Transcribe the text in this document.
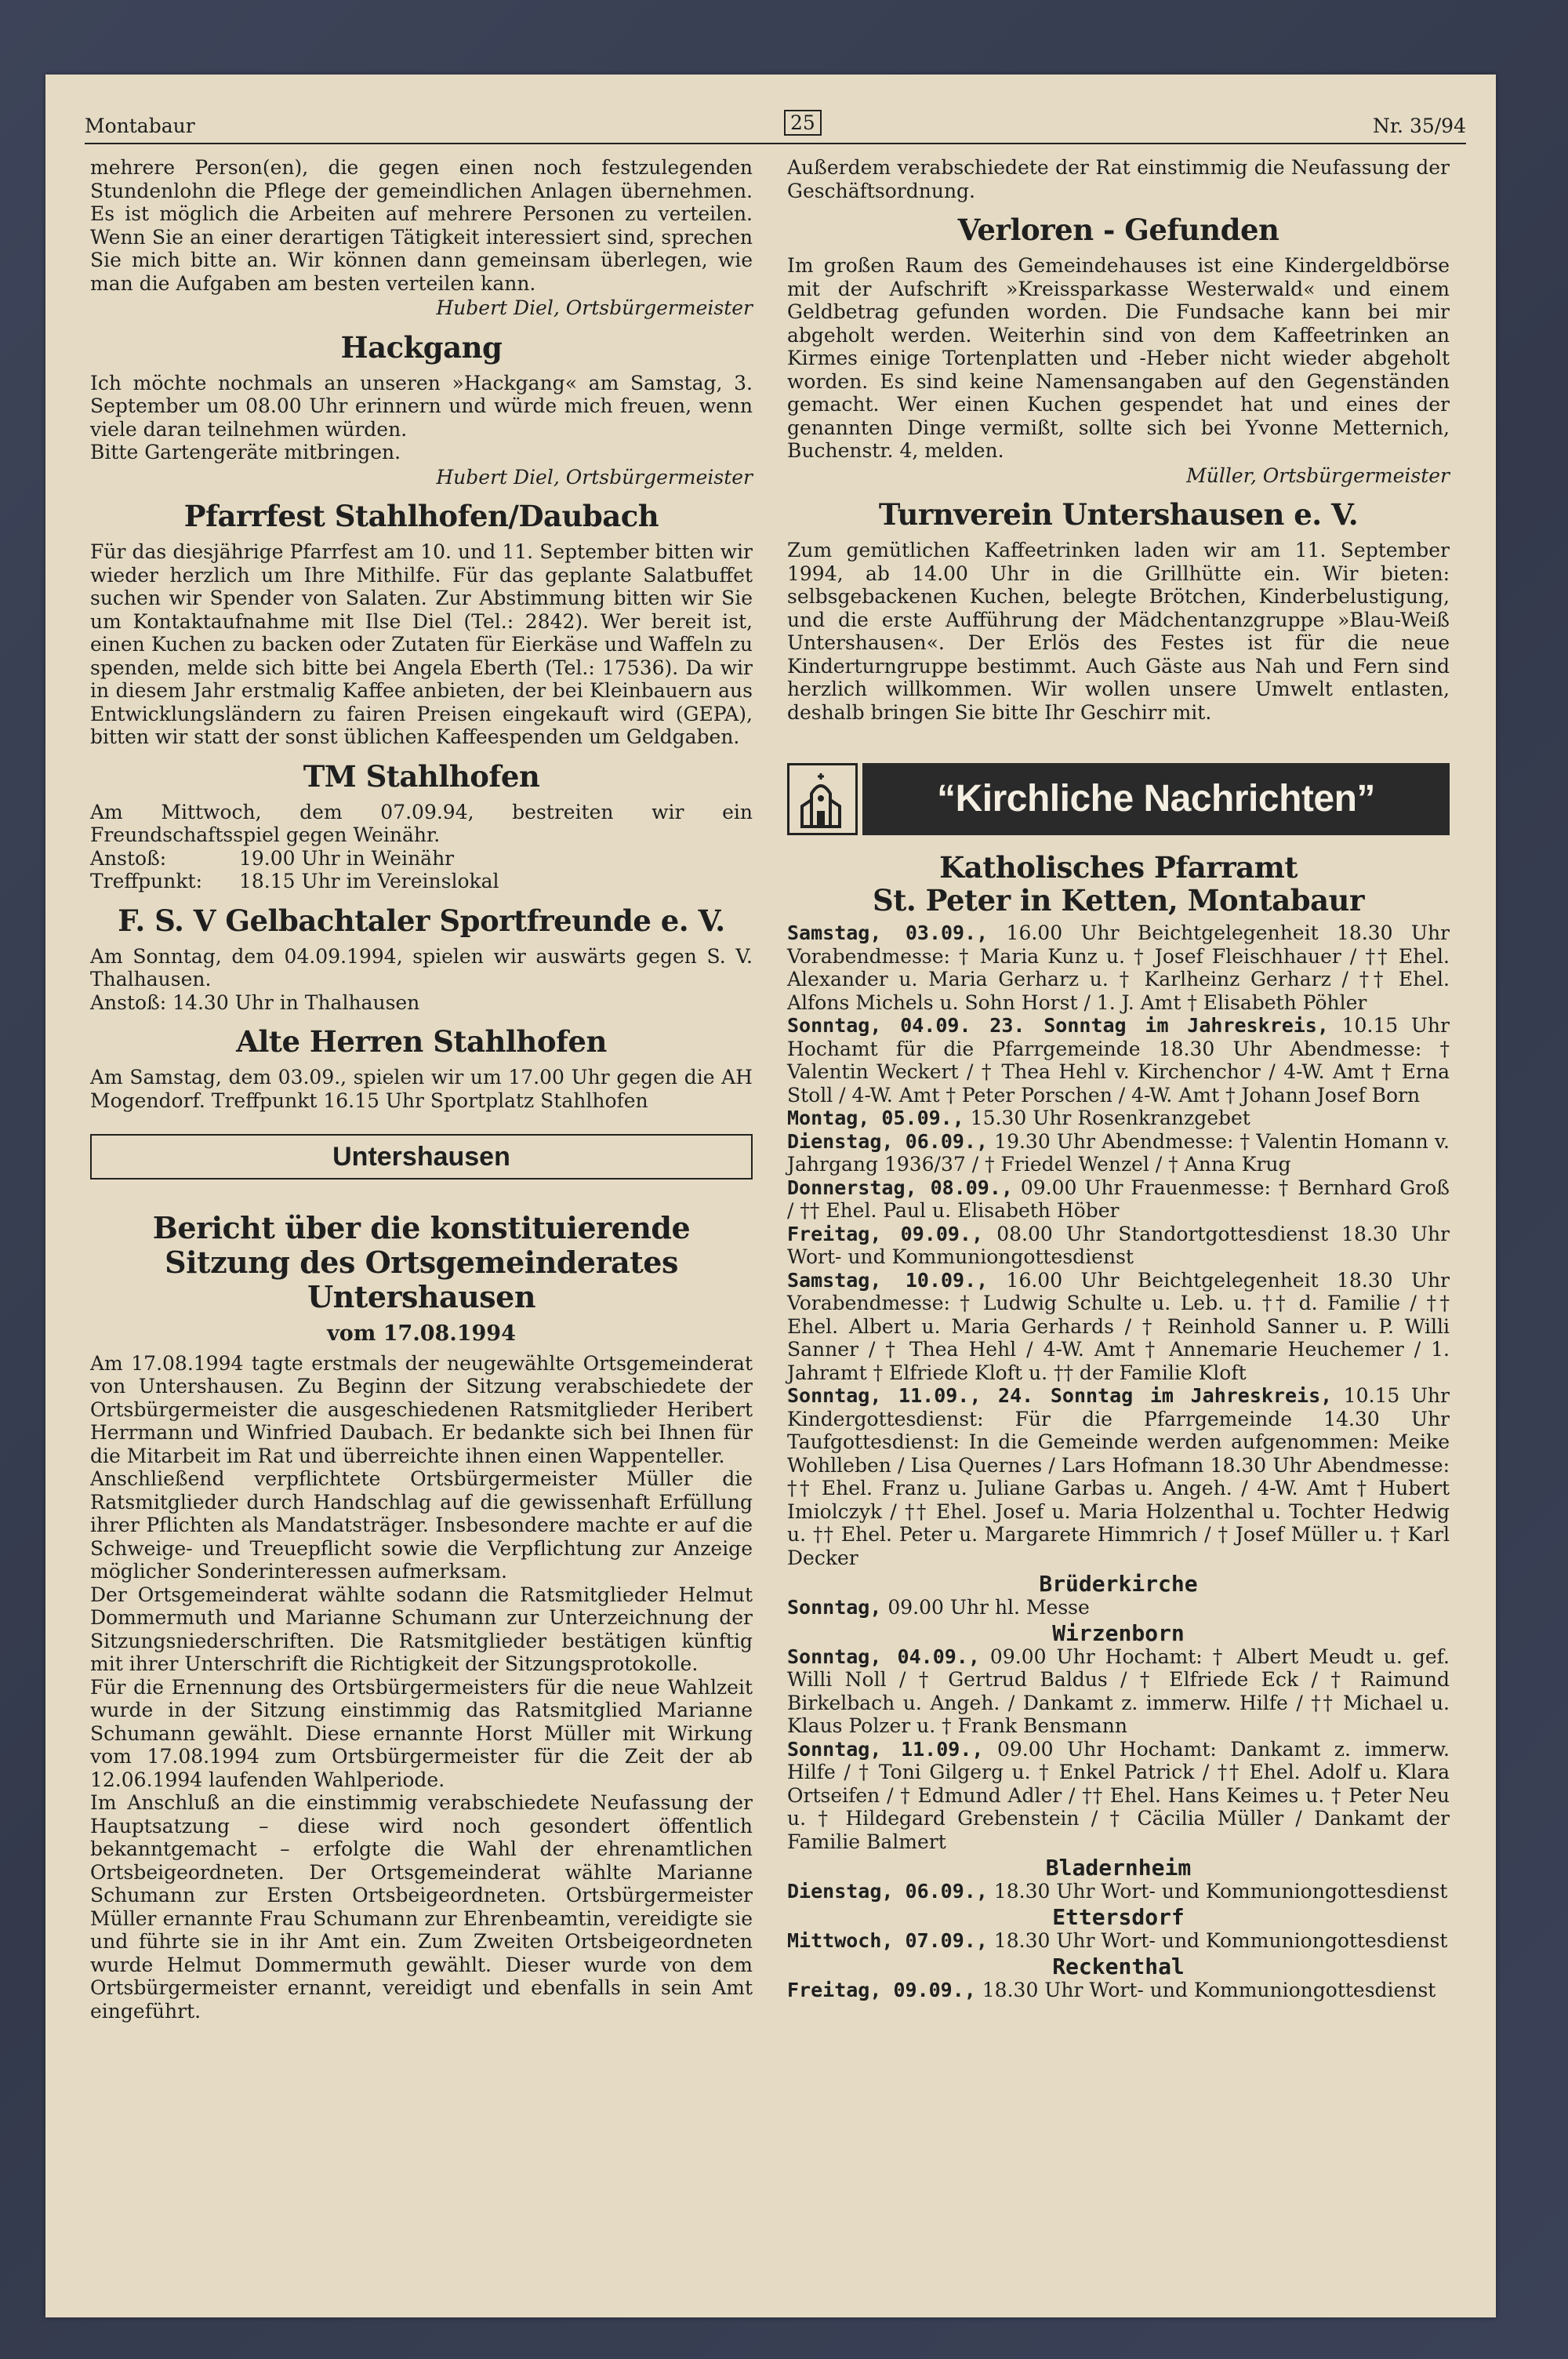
Montabaur	25	Nr. 35/94

mehrere Person(en), die gegen einen noch festzulegenden Stundenlohn die Pflege der gemeindlichen Anlagen übernehmen. Es ist möglich die Arbeiten auf mehrere Personen zu verteilen. Wenn Sie an einer derartigen Tätigkeit interessiert sind, sprechen Sie mich bitte an. Wir können dann gemeinsam überlegen, wie man die Aufgaben am besten verteilen kann.

Hubert Diel, Ortsbürgermeister

Hackgang

Ich möchte nochmals an unseren »Hackgang« am Samstag, 3. September um 08.00 Uhr erinnern und würde mich freuen, wenn viele daran teilnehmen würden.

Bitte Gartengeräte mitbringen.

Hubert Diel, Ortsbürgermeister

Pfarrfest Stahlhofen/Daubach

Für das diesjährige Pfarrfest am 10. und 11. September bitten wir wieder herzlich um Ihre Mithilfe. Für das geplante Salatbuffet suchen wir Spender von Salaten. Zur Abstimmung bitten wir Sie um Kontaktaufnahme mit Ilse Diel (Tel.: 2842). Wer bereit ist, einen Kuchen zu backen oder Zutaten für Eierkäse und Waffeln zu spenden, melde sich bitte bei Angela Eberth (Tel.: 17536). Da wir in diesem Jahr erstmalig Kaffee anbieten, der bei Kleinbauern aus Entwicklungsländern zu fairen Preisen eingekauft wird (GEPA), bitten wir statt der sonst üblichen Kaffeespenden um Geldgaben.

TM Stahlhofen

Am Mittwoch, dem 07.09.94, bestreiten wir ein Freundschaftsspiel gegen Weinähr.

Anstoß:	19.00 Uhr in Weinähr

Treffpunkt: 18.15 Uhr im Vereinslokal

F. S. V Gelbachtaler Sportfreunde e. V.

Am Sonntag, dem 04.09.1994, spielen wir auswärts gegen S. V. Thalhausen.

Anstoß: 14.30 Uhr in Thalhausen

Alte Herren Stahlhofen

Am Samstag, dem 03.09., spielen wir um 17.00 Uhr gegen die AH Mogendorf. Treffpunkt 16.15 Uhr Sportplatz Stahlhofen

Untershausen
Bericht über die konstituierende Sitzung des Ortsgemeinderates Untershausen
vom 17.08.1994

Am 17.08.1994 tagte erstmals der neugewählte Ortsgemeinderat von Untershausen. Zu Beginn der Sitzung verabschiedete der Ortsbürgermeister die ausgeschiedenen Ratsmitglieder Heribert Herrmann und Winfried Daubach. Er bedankte sich bei Ihnen für die Mitarbeit im Rat und überreichte ihnen einen Wappenteller.

Anschließend verpflichtete Ortsbürgermeister Müller die Ratsmitglieder durch Handschlag auf die gewissenhaft Erfüllung ihrer Pflichten als Mandatsträger. Insbesondere machte er auf die Schweige- und Treuepflicht sowie die Verpflichtung zur Anzeige möglicher Sonderinteressen aufmerksam.

Der Ortsgemeinderat wählte sodann die Ratsmitglieder Helmut Dommermuth und Marianne Schumann zur Unterzeichnung der Sitzungsniederschriften. Die Ratsmitglieder bestätigen künftig mit ihrer Unterschrift die Richtigkeit der Sitzungsprotokolle.

Für die Ernennung des Ortsbürgermeisters für die neue Wahlzeit wurde in der Sitzung einstimmig das Ratsmitglied Marianne Schumann gewählt. Diese ernannte Horst Müller mit Wirkung vom 17.08.1994 zum Ortsbürgermeister für die Zeit der ab 12.06.1994 laufenden Wahlperiode.

Im Anschluß an die einstimmig verabschiedete Neufassung der Hauptsatzung – diese wird noch gesondert öffentlich bekanntgemacht – erfolgte die Wahl der ehrenamtlichen Ortsbeigeordneten. Der Ortsgemeinderat wählte Marianne Schumann zur Ersten Ortsbeigeordneten. Ortsbürgermeister Müller ernannte Frau Schumann zur Ehrenbeamtin, vereidigte sie und führte sie in ihr Amt ein. Zum Zweiten Ortsbeigeordneten wurde Helmut Dommermuth gewählt. Dieser wurde von dem Ortsbürgermeister ernannt, vereidigt und ebenfalls in sein Amt eingeführt.

Außerdem verabschiedete der Rat einstimmig die Neufassung der Geschäftsordnung.

Verloren - Gefunden

Im großen Raum des Gemeindehauses ist eine Kindergeldbörse mit der Aufschrift »Kreissparkasse Westerwald« und einem Geldbetrag gefunden worden. Die Fundsache kann bei mir abgeholt werden. Weiterhin sind von dem Kaffeetrinken an Kirmes einige Tortenplatten und -Heber nicht wieder abgeholt worden. Es sind keine Namensangaben auf den Gegenständen gemacht. Wer einen Kuchen gespendet hat und eines der genannten Dinge vermißt, sollte sich bei Yvonne Metternich, Buchenstr. 4, melden.

Müller, Ortsbürgermeister

Turnverein Untershausen e. V.

Zum gemütlichen Kaffeetrinken laden wir am 11. September 1994, ab 14.00 Uhr in die Grillhütte ein. Wir bieten: selbsgebackenen Kuchen, belegte Brötchen, Kinderbelustigung, und die erste Aufführung der Mädchentanzgruppe »Blau-Weiß Untershausen«. Der Erlös des Festes ist für die neue Kinderturngruppe bestimmt. Auch Gäste aus Nah und Fern sind herzlich willkommen. Wir wollen unsere Umwelt entlasten, deshalb bringen Sie bitte Ihr Geschirr mit.

“Kirchliche Nachrichten”
Katholisches Pfarramt
St. Peter in Ketten, Montabaur

Samstag, 03.09., 16.00 Uhr Beichtgelegenheit 18.30 Uhr Vorabendmesse: † Maria Kunz u. † Josef Fleischhauer / †† Ehel. Alexander u. Maria Gerharz u. † Karlheinz Gerharz / †† Ehel. Alfons Michels u. Sohn Horst / 1. J. Amt † Elisabeth Pöhler

Sonntag, 04.09. 23. Sonntag im Jahreskreis, 10.15 Uhr Hochamt für die Pfarrgemeinde 18.30 Uhr Abendmesse: † Valentin Weckert / † Thea Hehl v. Kirchenchor / 4-W. Amt † Erna Stoll / 4-W. Amt † Peter Porschen / 4-W. Amt † Johann Josef Born

Montag, 05.09., 15.30 Uhr Rosenkranzgebet

Dienstag, 06.09., 19.30 Uhr Abendmesse: † Valentin Homann v. Jahrgang 1936/37 / † Friedel Wenzel / † Anna Krug

Donnerstag, 08.09., 09.00 Uhr Frauenmesse: † Bernhard Groß / †† Ehel. Paul u. Elisabeth Höber

Freitag, 09.09., 08.00 Uhr Standortgottesdienst 18.30 Uhr Wort- und Kommuniongottesdienst

Samstag, 10.09., 16.00 Uhr Beichtgelegenheit 18.30 Uhr Vorabendmesse: † Ludwig Schulte u. Leb. u. †† d. Familie / †† Ehel. Albert u. Maria Gerhards / † Reinhold Sanner u. P. Willi Sanner / † Thea Hehl / 4-W. Amt † Annemarie Heuchemer / 1. Jahramt † Elfriede Kloft u. †† der Familie Kloft

Sonntag, 11.09., 24. Sonntag im Jahreskreis, 10.15 Uhr Kindergottesdienst: Für die Pfarrgemeinde 14.30 Uhr Taufgottesdienst: In die Gemeinde werden aufgenommen: Meike Wohlleben / Lisa Quernes / Lars Hofmann 18.30 Uhr Abendmesse: †† Ehel. Franz u. Juliane Garbas u. Angeh. / 4-W. Amt † Hubert Imiolczyk / †† Ehel. Josef u. Maria Holzenthal u. Tochter Hedwig u. †† Ehel. Peter u. Margarete Himmrich / † Josef Müller u. † Karl Decker

Brüderkirche

Sonntag, 09.00 Uhr hl. Messe

Wirzenborn

Sonntag, 04.09., 09.00 Uhr Hochamt: † Albert Meudt u. gef. Willi Noll / † Gertrud Baldus / † Elfriede Eck / † Raimund Birkelbach u. Angeh. / Dankamt z. immerw. Hilfe / †† Michael u. Klaus Polzer u. † Frank Bensmann

Sonntag, 11.09., 09.00 Uhr Hochamt: Dankamt z. immerw. Hilfe / † Toni Gilgerg u. † Enkel Patrick / †† Ehel. Adolf u. Klara Ortseifen / † Edmund Adler / †† Ehel. Hans Keimes u. † Peter Neu u. † Hildegard Grebenstein / † Cäcilia Müller / Dankamt der Familie Balmert

Bladernheim

Dienstag, 06.09., 18.30 Uhr Wort- und Kommuniongottesdienst

Ettersdorf

Mittwoch, 07.09., 18.30 Uhr Wort- und Kommuniongottesdienst

Reckenthal

Freitag, 09.09., 18.30 Uhr Wort- und Kommuniongottesdienst
